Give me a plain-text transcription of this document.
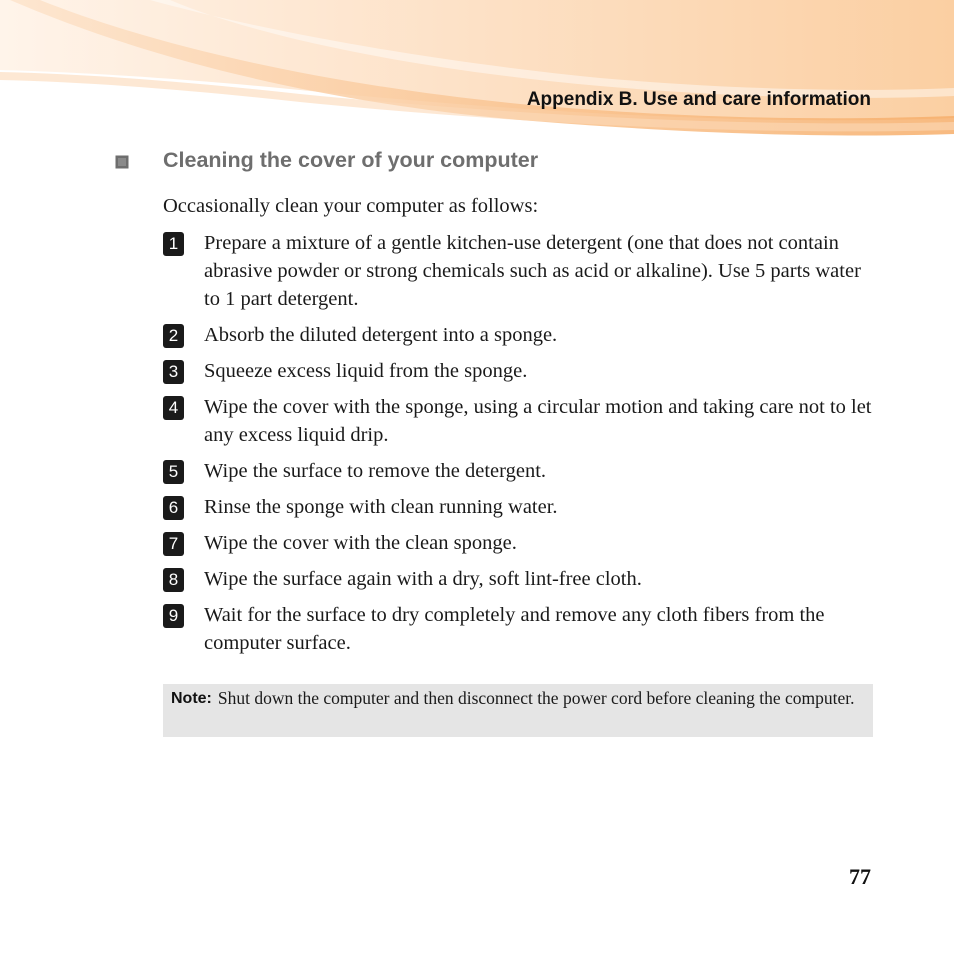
Appendix B. Use and care information
Cleaning the cover of your computer
Occasionally clean your computer as follows:
1 Prepare a mixture of a gentle kitchen-use detergent (one that does not contain abrasive powder or strong chemicals such as acid or alkaline). Use 5 parts water to 1 part detergent.
2 Absorb the diluted detergent into a sponge.
3 Squeeze excess liquid from the sponge.
4 Wipe the cover with the sponge, using a circular motion and taking care not to let any excess liquid drip.
5 Wipe the surface to remove the detergent.
6 Rinse the sponge with clean running water.
7 Wipe the cover with the clean sponge.
8 Wipe the surface again with a dry, soft lint-free cloth.
9 Wait for the surface to dry completely and remove any cloth fibers from the computer surface.
Note: Shut down the computer and then disconnect the power cord before cleaning the computer.
77
